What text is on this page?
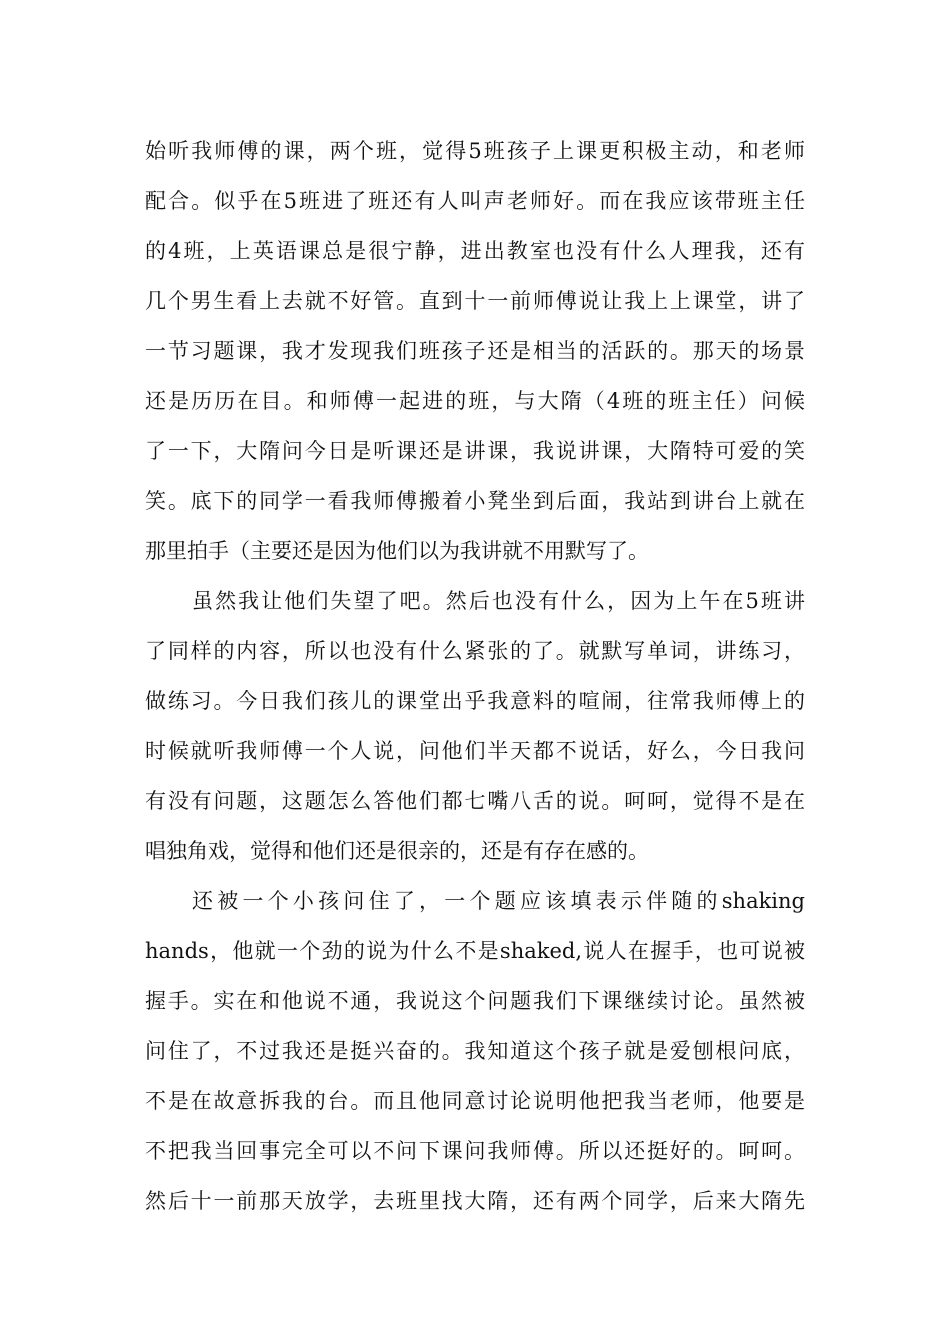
始听我师傅的课，两个班，觉得5班孩子上课更积极主动，和老师
配合。似乎在5班进了班还有人叫声老师好。而在我应该带班主任
的4班，上英语课总是很宁静，进出教室也没有什么人理我，还有
几个男生看上去就不好管。直到十一前师傅说让我上上课堂，讲了
一节习题课，我才发现我们班孩子还是相当的活跃的。那天的场景
还是历历在目。和师傅一起进的班，与大隋（4班的班主任）问候
了一下，大隋问今日是听课还是讲课，我说讲课，大隋特可爱的笑
笑。底下的同学一看我师傅搬着小凳坐到后面，我站到讲台上就在
那里拍手（主要还是因为他们以为我讲就不用默写了。
虽然我让他们失望了吧。然后也没有什么，因为上午在5班讲
了同样的内容，所以也没有什么紧张的了。就默写单词，讲练习，
做练习。今日我们孩儿的课堂出乎我意料的喧闹，往常我师傅上的
时候就听我师傅一个人说，问他们半天都不说话，好么，今日我问
有没有问题，这题怎么答他们都七嘴八舌的说。呵呵，觉得不是在
唱独角戏，觉得和他们还是很亲的，还是有存在感的。
还被一个小孩问住了，一个题应该填表示伴随的shaking
hands，他就一个劲的说为什么不是shaked,说人在握手，也可说被
握手。实在和他说不通，我说这个问题我们下课继续讨论。虽然被
问住了，不过我还是挺兴奋的。我知道这个孩子就是爱刨根问底，
不是在故意拆我的台。而且他同意讨论说明他把我当老师，他要是
不把我当回事完全可以不问下课问我师傅。所以还挺好的。呵呵。
然后十一前那天放学，去班里找大隋，还有两个同学，后来大隋先
